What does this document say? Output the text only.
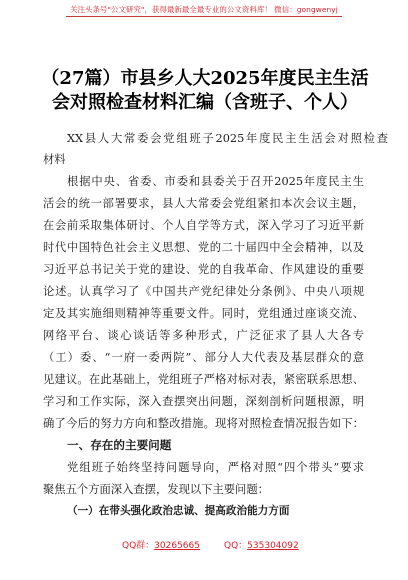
关注头条号"公文研究"，获得最新最全最专业的公文资料库！ 微信：gongwenyj
（27篇）市县乡人大2025年度民主生活
会对照检查材料汇编（含班子、个人）
XX县人大常委会党组班子2025年度民主生活会对照检查
材料
根据中央、省委、市委和县委关于召开2025年度民主生
活会的统一部署要求，县人大常委会党组紧扣本次会议主题，
在会前采取集体研讨、个人自学等方式，深入学习了习近平新
时代中国特色社会主义思想、党的二十届四中全会精神，以及
习近平总书记关于党的建设、党的自我革命、作风建设的重要
论述。认真学习了《中国共产党纪律处分条例》、中央八项规
定及其实施细则精神等重要文件。同时，党组通过座谈交流、
网络平台、谈心谈话等多种形式，广泛征求了县人大各专
（工）委、“一府一委两院”、部分人大代表及基层群众的意
见建议。在此基础上，党组班子严格对标对表，紧密联系思想、
学习和工作实际，深入查摆突出问题，深刻剖析问题根源，明
确了今后的努力方向和整改措施。现将对照检查情况报告如下：
一、存在的主要问题
党组班子始终坚持问题导向，严格对照“四个带头”要求
聚焦五个方面深入查摆，发现以下主要问题：
（一）在带头强化政治忠诚、提高政治能力方面
QQ群：30265665	QQ：535304092
